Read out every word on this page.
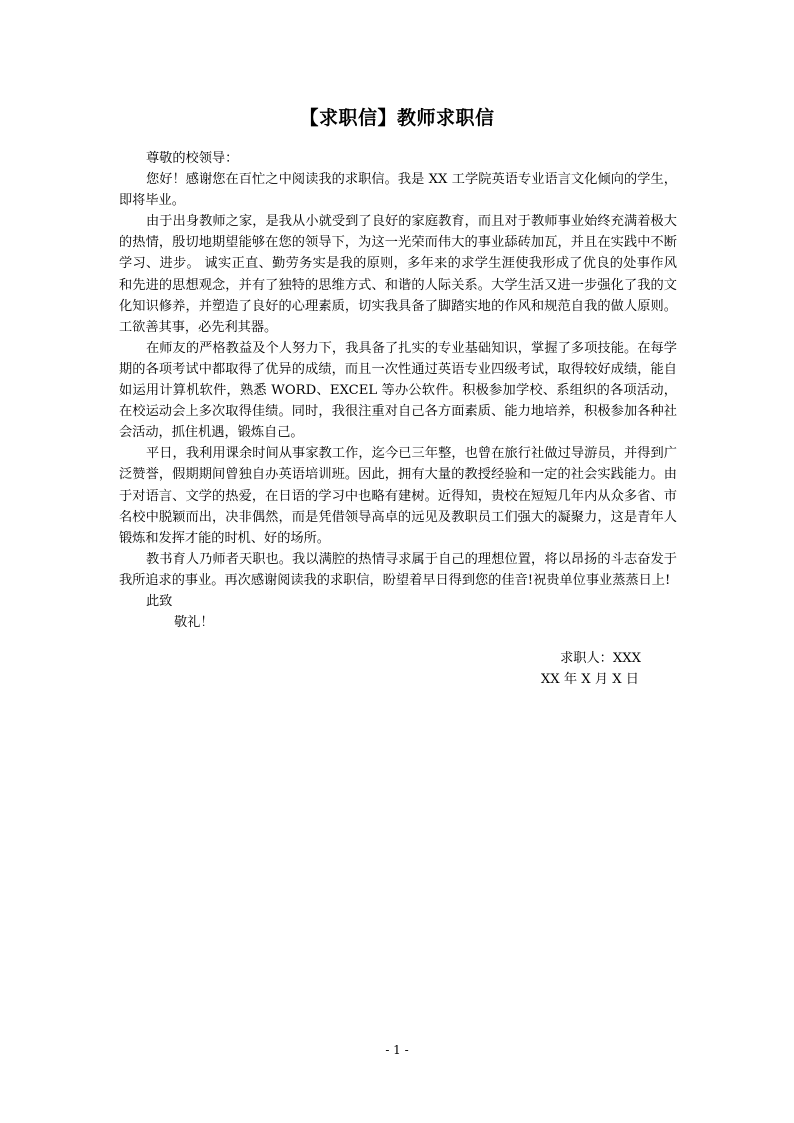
【求职信】教师求职信

尊敬的校领导：

您好！感谢您在百忙之中阅读我的求职信。我是 XX 工学院英语专业语言文化倾向的学生，即将毕业。

由于出身教师之家，是我从小就受到了良好的家庭教育，而且对于教师事业始终充满着极大的热情，殷切地期望能够在您的领导下，为这一光荣而伟大的事业舔砖加瓦，并且在实践中不断学习、进步。 诚实正直、勤劳务实是我的原则，多年来的求学生涯使我形成了优良的处事作风和先进的思想观念，并有了独特的思维方式、和谐的人际关系。大学生活又进一步强化了我的文化知识修养，并塑造了良好的心理素质，切实我具备了脚踏实地的作风和规范自我的做人原则。工欲善其事，必先利其器。

在师友的严格教益及个人努力下，我具备了扎实的专业基础知识，掌握了多项技能。在每学期的各项考试中都取得了优异的成绩，而且一次性通过英语专业四级考试，取得较好成绩，能自如运用计算机软件，熟悉 WORD、EXCEL 等办公软件。积极参加学校、系组织的各项活动，在校运动会上多次取得佳绩。同时，我很注重对自己各方面素质、能力地培养，积极参加各种社会活动，抓住机遇，锻炼自己。

平日，我利用课余时间从事家教工作，迄今已三年整，也曾在旅行社做过导游员，并得到广泛赞誉，假期期间曾独自办英语培训班。因此，拥有大量的教授经验和一定的社会实践能力。由于对语言、文学的热爱，在日语的学习中也略有建树。近得知，贵校在短短几年内从众多省、市名校中脱颖而出，决非偶然，而是凭借领导高卓的远见及教职员工们强大的凝聚力，这是青年人锻炼和发挥才能的时机、好的场所。

教书育人乃师者天职也。我以满腔的热情寻求属于自己的理想位置，将以昂扬的斗志奋发于我所追求的事业。再次感谢阅读我的求职信，盼望着早日得到您的佳音!祝贵单位事业蒸蒸日上!

此致

敬礼！

求职人：XXX
XX 年 X 月 X 日
- 1 -
